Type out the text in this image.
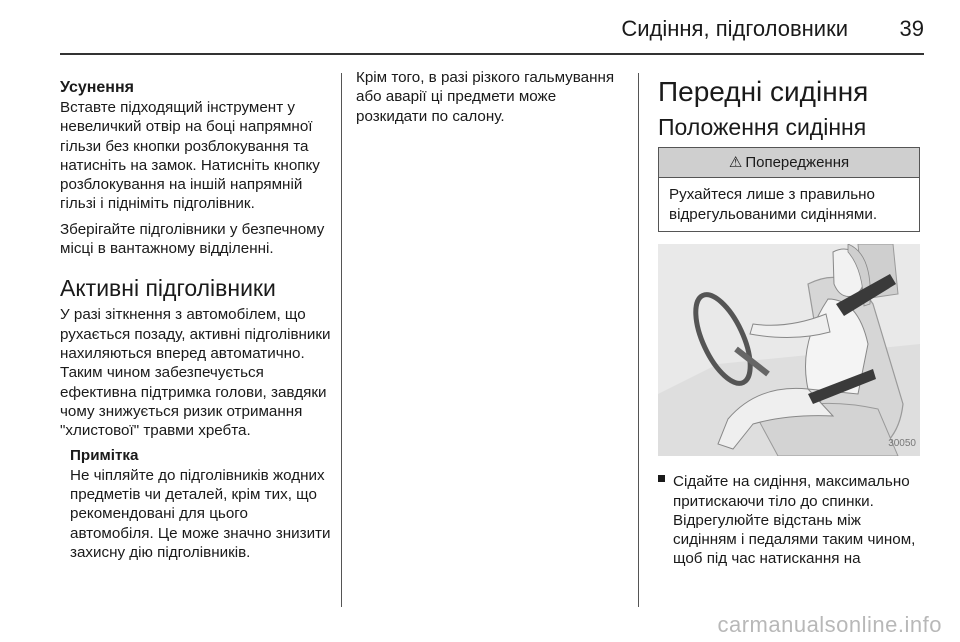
Сидіння, підголовники 39
Усунення

Вставте підходящий інструмент у невеличкий отвір на боці напрямної гільзи без кнопки розблокування та натисніть на замок. Натисніть кнопку розблокування на іншій напрямній гільзі і підніміть підголівник.

Зберігайте підголівники у безпечному місці в вантажному відділенні.

Активні підголівники

У разі зіткнення з автомобілем, що рухається позаду, активні підголівники нахиляються вперед автоматично. Таким чином забезпечується ефективна підтримка голови, завдяки чому знижується ризик отримання "хлистової" травми хребта.

Примітка
Не чіпляйте до підголівників жодних предметів чи деталей, крім тих, що рекомендовані для цього автомобіля. Це може значно знизити захисну дію підголівників.

Крім того, в разі різкого гальмування або аварії ці предмети може розкидати по салону.

Передні сидіння
Положення сидіння
⚠ Попередження
Рухайтеся лише з правильно відрегульованими сидіннями.
30050
Сідайте на сидіння, максимально притискаючи тіло до спинки. Відрегулюйте відстань між сидінням і педалями таким чином, щоб під час натискання на
carmanualsonline.info
